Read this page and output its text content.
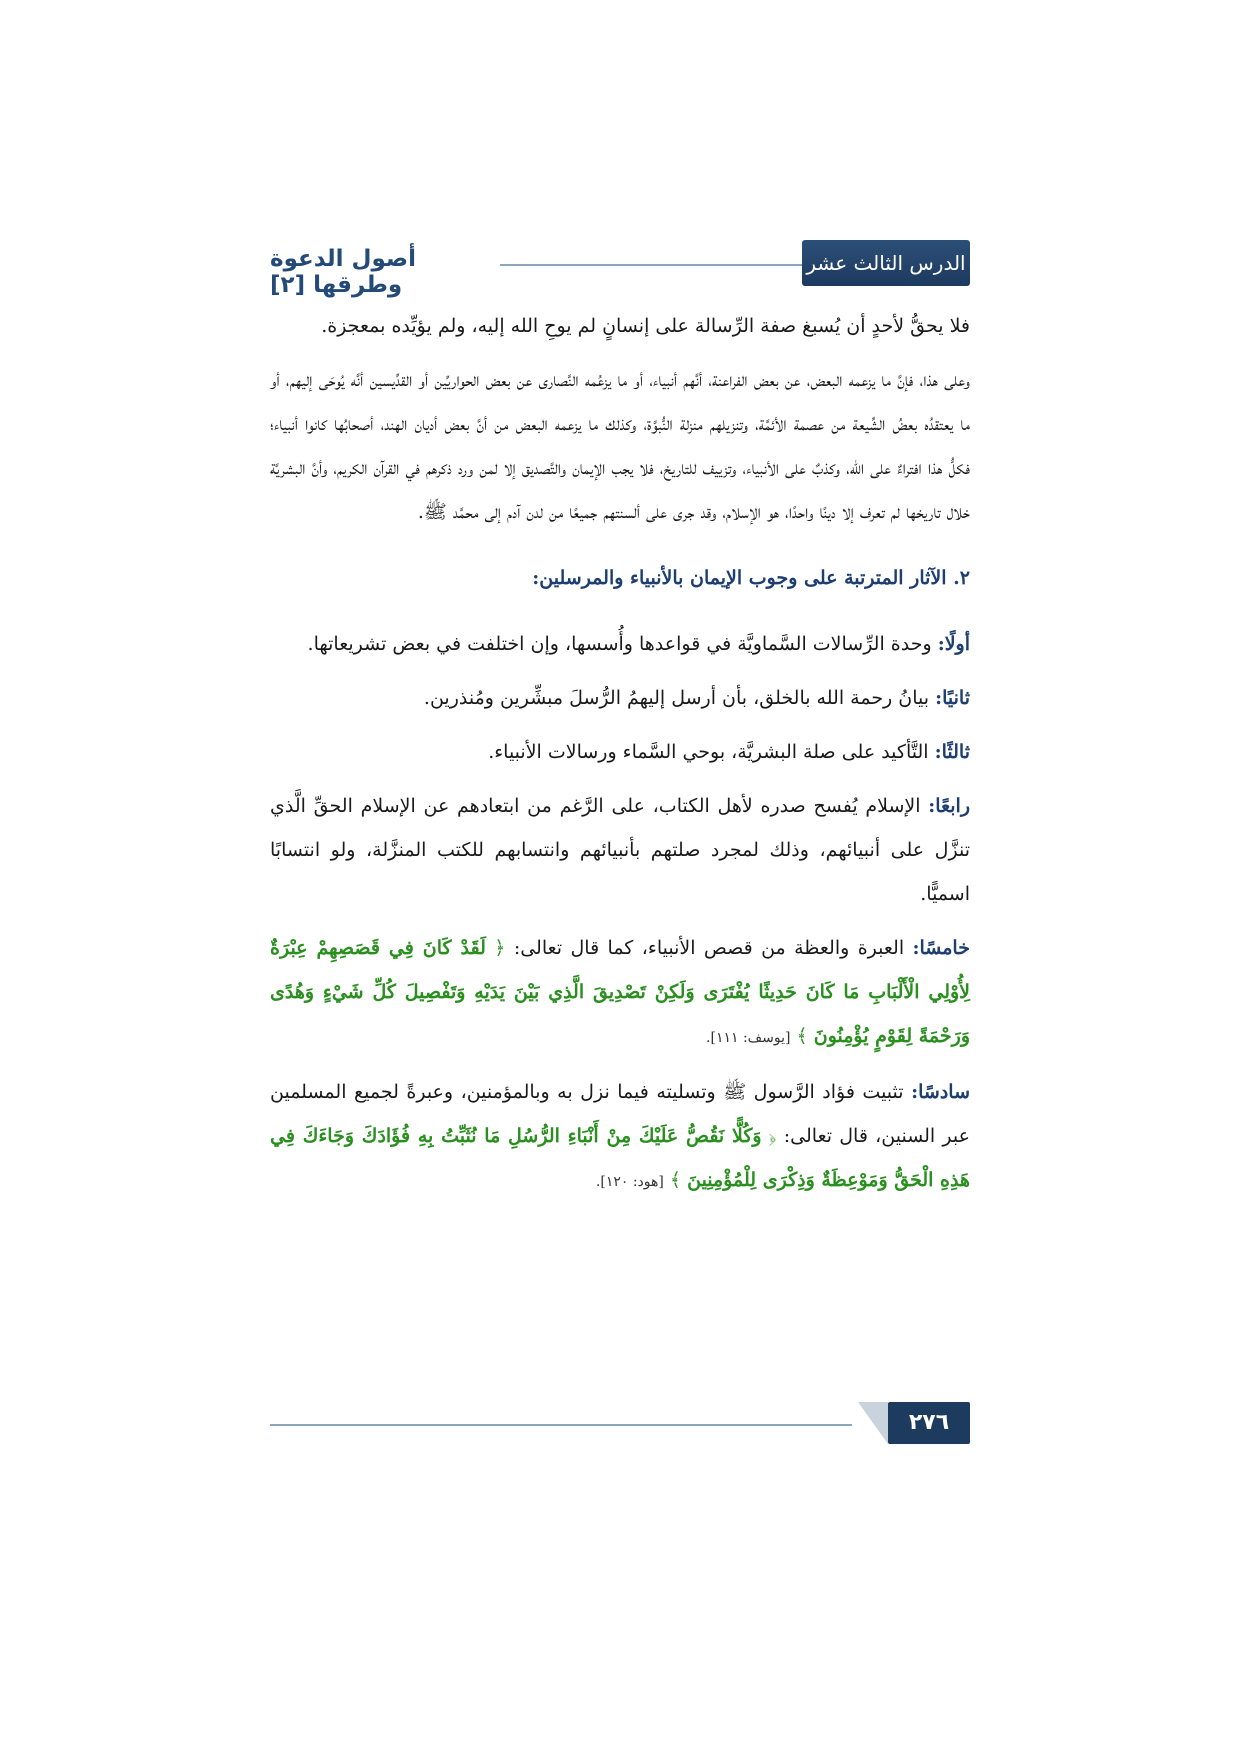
الدرس الثالث عشر
أصول الدعوة وطرقها [٢]

فلا يحقُّ لأحدٍ أن يُسبغ صفة الرِّسالة على إنسانٍ لم يوحِ الله إليه، ولم يؤيِّده بمعجزة.

وعلى هذا، فإنَّ ما يزعمه البعض، عن بعض الفراعنة، أنَّهم أنبياء، أو ما يزعُمه النَّصارى عن بعض الحواريِّين أو القدِّيسين أنَّه يُوحَى إليهم، أو ما يعتقدُه بعضُ الشِّيعة من عصمة الأئمَّة، وتنزيلهم منزلة النُّبوَّة، وكذلك ما يزعمه البعض من أنَّ بعض أديان الهند، أصحابُها كانوا أنبياء؛ فكلُّ هذا افتراءٌ على الله، وكذبٌ على الأنبياء، وتزييف للتاريخ، فلا يجب الإيمان والتَّصديق إلا لمن ورد ذكرهم في القرآن الكريم، وأنَّ البشريَّة خلال تاريخها لم تعرف إلا دينًا واحدًا، هو الإسلام، وقد جرى على ألسنتهم جميعًا من لدن آدم إلى محمَّد ﷺ.

٢. الآثار المترتبة على وجوب الإيمان بالأنبياء والمرسلين:

أولًا: وحدة الرِّسالات السَّماويَّة في قواعدها وأُسسها، وإن اختلفت في بعض تشريعاتها.

ثانيًا: بيانُ رحمة الله بالخلق، بأن أرسل إليهمُ الرُّسلَ مبشِّرين ومُنذرين.

ثالثًا: التَّأكيد على صلة البشريَّة، بوحي السَّماء ورسالات الأنبياء.

رابعًا: الإسلام يُفسح صدره لأهل الكتاب، على الرَّغم من ابتعادهم عن الإسلام الحقِّ الَّذي تنزَّل على أنبيائهم، وذلك لمجرد صلتهم بأنبيائهم وانتسابهم للكتب المنزَّلة، ولو انتسابًا اسميًّا.

خامسًا: العبرة والعظة من قصص الأنبياء، كما قال تعالى: ﴿ لَقَدْ كَانَ فِي قَصَصِهِمْ عِبْرَةٌ لِأُوْلِي الْأَلْبَابِ مَا كَانَ حَدِيثًا يُفْتَرَى وَلَكِنْ تَصْدِيقَ الَّذِي بَيْنَ يَدَيْهِ وَتَفْصِيلَ كُلِّ شَيْءٍ وَهُدًى وَرَحْمَةً لِقَوْمٍ يُؤْمِنُونَ ﴾ [يوسف: ١١١].

سادسًا: تثبيت فؤاد الرَّسول ﷺ وتسليته فيما نزل به وبالمؤمنين، وعبرةً لجميع المسلمين عبر السنين، قال تعالى: ﴿ وَكُلًّا نَقُصُّ عَلَيْكَ مِنْ أَنْبَاءِ الرُّسُلِ مَا نُثَبِّتُ بِهِ فُؤَادَكَ وَجَاءَكَ فِي هَذِهِ الْحَقُّ وَمَوْعِظَةٌ وَذِكْرَى لِلْمُؤْمِنِينَ ﴾ [هود: ١٢٠].

٢٧٦
